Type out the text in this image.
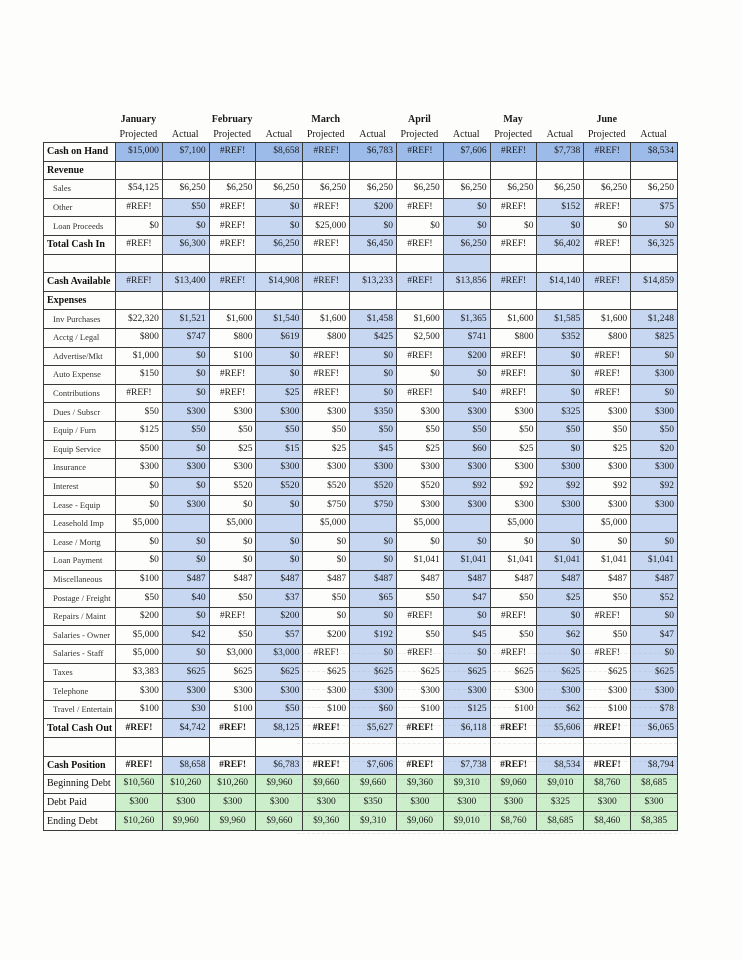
January
Projected	Actual
February
Projected	Actual
March
Projected	Actual
April
Projected	Actual
May
Projected	Actual
June
Projected	Actual
Cash on Hand	$15,000	$7,100	#REF!	$8,658	#REF!	$6,783	#REF!	$7,606	#REF!	$7,738	#REF!	$8,534
Revenue												
Sales	$54,125	$6,250	$6,250	$6,250	$6,250	$6,250	$6,250	$6,250	$6,250	$6,250	$6,250	$6,250
Other	#REF!	$50	#REF!	$0	#REF!	$200	#REF!	$0	#REF!	$152	#REF!	$75
Loan Proceeds	$0	$0	#REF!	$0	$25,000	$0	$0	$0	$0	$0	$0	$0
Total Cash In	#REF!	$6,300	#REF!	$6,250	#REF!	$6,450	#REF!	$6,250	#REF!	$6,402	#REF!	$6,325

Cash Available	#REF!	$13,400	#REF!	$14,908	#REF!	$13,233	#REF!	$13,856	#REF!	$14,140	#REF!	$14,859
Expenses												
Inv Purchases	$22,320	$1,521	$1,600	$1,540	$1,600	$1,458	$1,600	$1,365	$1,600	$1,585	$1,600	$1,248
Acctg / Legal	$800	$747	$800	$619	$800	$425	$2,500	$741	$800	$352	$800	$825
Advertise/Mkt	$1,000	$0	$100	$0	#REF!	$0	#REF!	$200	#REF!	$0	#REF!	$0
Auto Expense	$150	$0	#REF!	$0	#REF!	$0	$0	$0	#REF!	$0	#REF!	$300
Contributions	#REF!	$0	#REF!	$25	#REF!	$0	#REF!	$40	#REF!	$0	#REF!	$0
Dues / Subscr	$50	$300	$300	$300	$300	$350	$300	$300	$300	$325	$300	$300
Equip / Furn	$125	$50	$50	$50	$50	$50	$50	$50	$50	$50	$50	$50
Equip Service	$500	$0	$25	$15	$25	$45	$25	$60	$25	$0	$25	$20
Insurance	$300	$300	$300	$300	$300	$300	$300	$300	$300	$300	$300	$300
Interest	$0	$0	$520	$520	$520	$520	$520	$92	$92	$92	$92	$92
Lease - Equip	$0	$300	$0	$0	$750	$750	$300	$300	$300	$300	$300	$300
Leasehold Imp	$5,000		$5,000		$5,000		$5,000		$5,000		$5,000	
Lease / Mortg	$0	$0	$0	$0	$0	$0	$0	$0	$0	$0	$0	$0
Loan Payment	$0	$0	$0	$0	$0	$0	$1,041	$1,041	$1,041	$1,041	$1,041	$1,041
Miscellaneous	$100	$487	$487	$487	$487	$487	$487	$487	$487	$487	$487	$487
Postage / Freight	$50	$40	$50	$37	$50	$65	$50	$47	$50	$25	$50	$52
Repairs / Maint	$200	$0	#REF!	$200	$0	$0	#REF!	$0	#REF!	$0	#REF!	$0
Salaries - Owner	$5,000	$42	$50	$57	$200	$192	$50	$45	$50	$62	$50	$47
Salaries - Staff	$5,000	$0	$3,000	$3,000	#REF!	$0	#REF!	$0	#REF!	$0	#REF!	$0
Taxes	$3,383	$625	$625	$625	$625	$625	$625	$625	$625	$625	$625	$625
Telephone	$300	$300	$300	$300	$300	$300	$300	$300	$300	$300	$300	$300
Travel / Entertain	$100	$30	$100	$50	$100	$60	$100	$125	$100	$62	$100	$78
Total Cash Out	#REF!	$4,742	#REF!	$8,125	#REF!	$5,627	#REF!	$6,118	#REF!	$5,606	#REF!	$6,065

Cash Position	#REF!	$8,658	#REF!	$6,783	#REF!	$7,606	#REF!	$7,738	#REF!	$8,534	#REF!	$8,794
Beginning Debt	$10,560	$10,260	$10,260	$9,960	$9,660	$9,660	$9,360	$9,310	$9,060	$9,010	$8,760	$8,685
Debt Paid	$300	$300	$300	$300	$300	$350	$300	$300	$300	$325	$300	$300
Ending Debt	$10,260	$9,960	$9,960	$9,660	$9,360	$9,310	$9,060	$9,010	$8,760	$8,685	$8,460	$8,385
